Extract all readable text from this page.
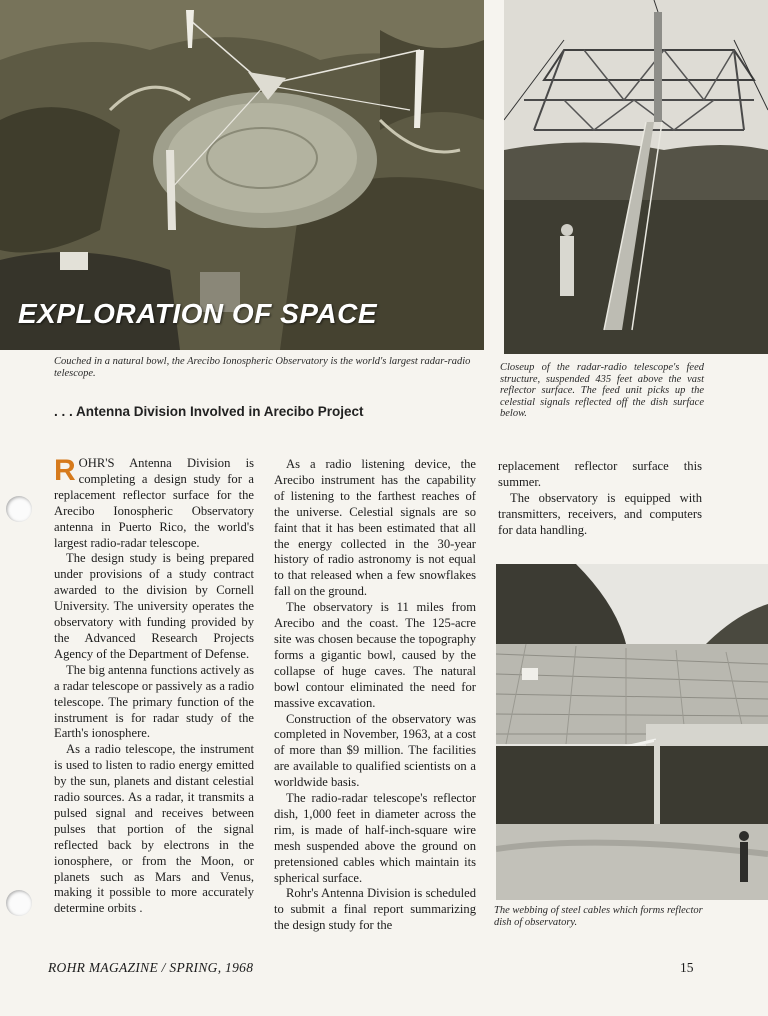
EXPLORATION OF SPACE
Couched in a natural bowl, the Arecibo Ionospheric Observatory is the world's largest radar-radio telescope.	Closeup of the radar-radio telescope's feed structure, suspended 435 feet above the vast reflector surface. The feed unit picks up the celestial signals reflected off the dish surface below.
. . . Antenna Division Involved in Arecibo Project

ROHR'S Antenna Division is completing a design study for a replacement reflector surface for the Arecibo Ionospheric Observatory antenna in Puerto Rico, the world's largest radio-radar telescope.

The design study is being prepared under provisions of a study contract awarded to the division by Cornell University. The university operates the observatory with funding provided by the Advanced Research Projects Agency of the Department of Defense.

The big antenna functions actively as a radar telescope or passively as a radio telescope. The primary function of the instrument is for radar study of the Earth's ionosphere.

As a radio telescope, the instrument is used to listen to radio energy emitted by the sun, planets and distant celestial radio sources. As a radar, it transmits a pulsed signal and receives between pulses that portion of the signal reflected back by electrons in the ionosphere, or from the Moon, or planets such as Mars and Venus, making it possible to more accurately determine orbits .

As a radio listening device, the Arecibo instrument has the capability of listening to the farthest reaches of the universe. Celestial signals are so faint that it has been estimated that all the energy collected in the 30-year history of radio astronomy is not equal to that released when a few snowflakes fall on the ground.

The observatory is 11 miles from Arecibo and the coast. The 125-acre site was chosen because the topography forms a gigantic bowl, caused by the collapse of huge caves. The natural bowl contour eliminated the need for massive excavation.

Construction of the observatory was completed in November, 1963, at a cost of more than $9 million. The facilities are available to qualified scientists on a worldwide basis.

The radio-radar telescope's reflector dish, 1,000 feet in diameter across the rim, is made of half-inch-square wire mesh suspended above the ground on pretensioned cables which maintain its spherical surface.

Rohr's Antenna Division is scheduled to submit a final report summarizing the design study for the

replacement reflector surface this summer.

The observatory is equipped with transmitters, receivers, and computers for data handling.

The webbing of steel cables which forms reflector dish of observatory.
ROHR MAGAZINE / SPRING, 1968	15
